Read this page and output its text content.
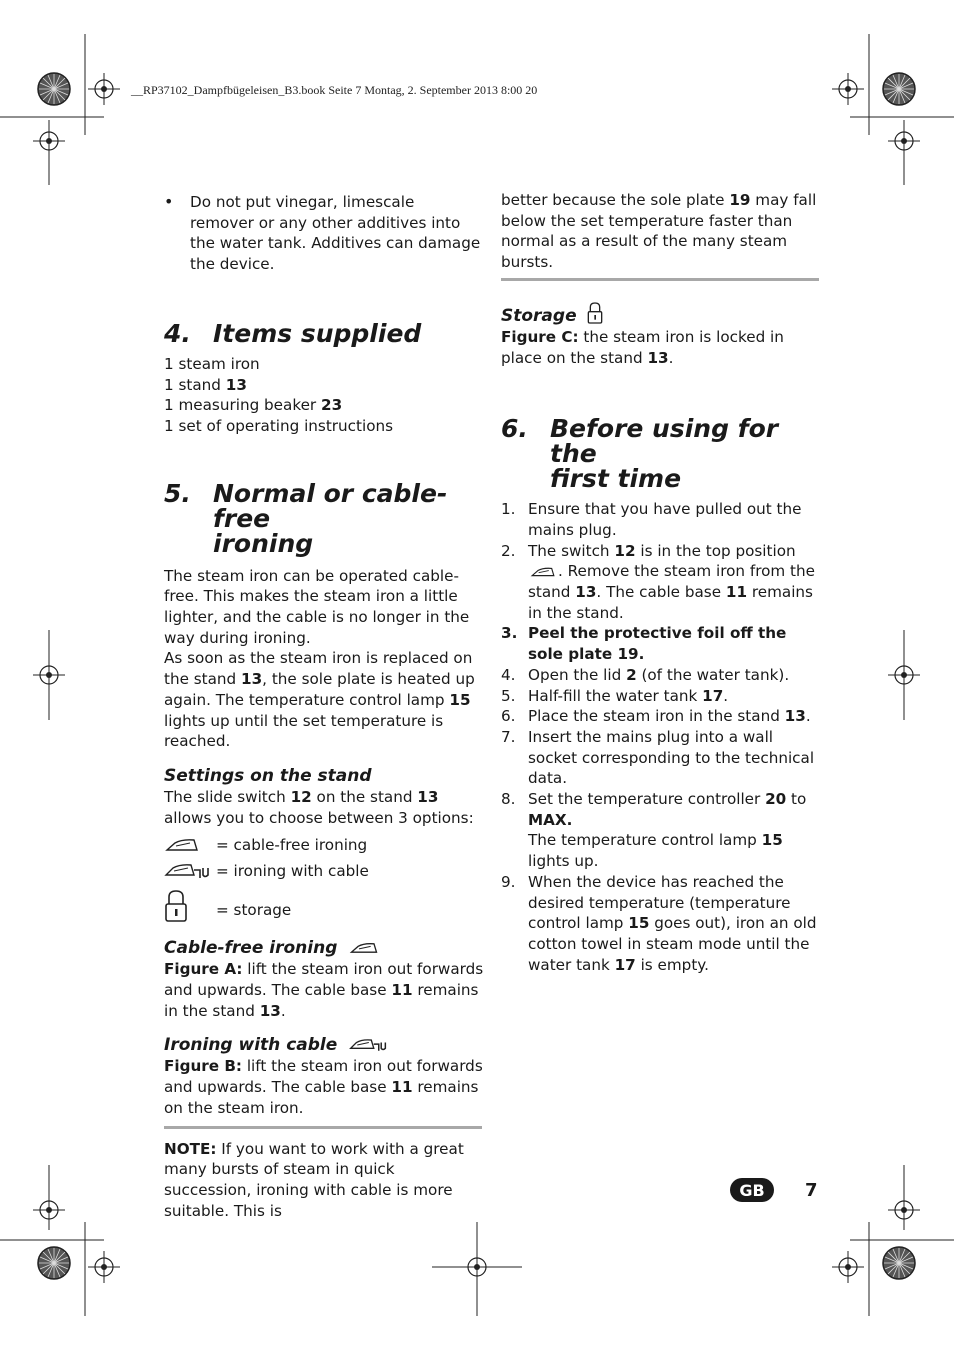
__RP37102_Dampfbügeleisen_B3.book Seite 7 Montag, 2. September 2013 8:00 20
•	Do not put vinegar, limescale remover or any other additives into the water tank. Additives can damage the device.

4. Items supplied

1 steam iron

1 stand 13

1 measuring beaker 23

1 set of operating instructions

5. Normal or cable-free
ironing

The steam iron can be operated cable-free. This makes the steam iron a little lighter, and the cable is no longer in the way during ironing.

As soon as the steam iron is replaced on the stand 13, the sole plate is heated up again. The temperature control lamp 15 lights up until the set temperature is reached.

Settings on the stand

The slide switch 12 on the stand 13 allows you to choose between 3 options:

= cable-free ironing
= ironing with cable
= storage
Cable-free ironing

Figure A: lift the steam iron out forwards and upwards. The cable base 11 remains in the stand 13.

Ironing with cable

Figure B: lift the steam iron out forwards and upwards. The cable base 11 remains on the steam iron.

NOTE: If you want to work with a great many bursts of steam in quick succession, ironing with cable is more suitable. This is

better because the sole plate 19 may fall below the set temperature faster than normal as a result of the many steam bursts.

Storage

Figure C: the steam iron is locked in place on the stand 13.

6. Before using for the
first time
1. Ensure that you have pulled out the mains plug.
2. The switch 12 is in the top position . Remove the steam iron from the stand 13. The cable base 11 remains in the stand.
3. Peel the protective foil off the sole plate 19.
4. Open the lid 2 (of the water tank).
5. Half-fill the water tank 17.
6. Place the steam iron in the stand 13.
7. Insert the mains plug into a wall socket corresponding to the technical data.
8. Set the temperature controller 20 to
MAX.
The temperature control lamp 15 lights up.
9. When the device has reached the desired temperature (temperature control lamp 15 goes out), iron an old cotton towel in steam mode until the water tank 17 is empty.
GB	7
